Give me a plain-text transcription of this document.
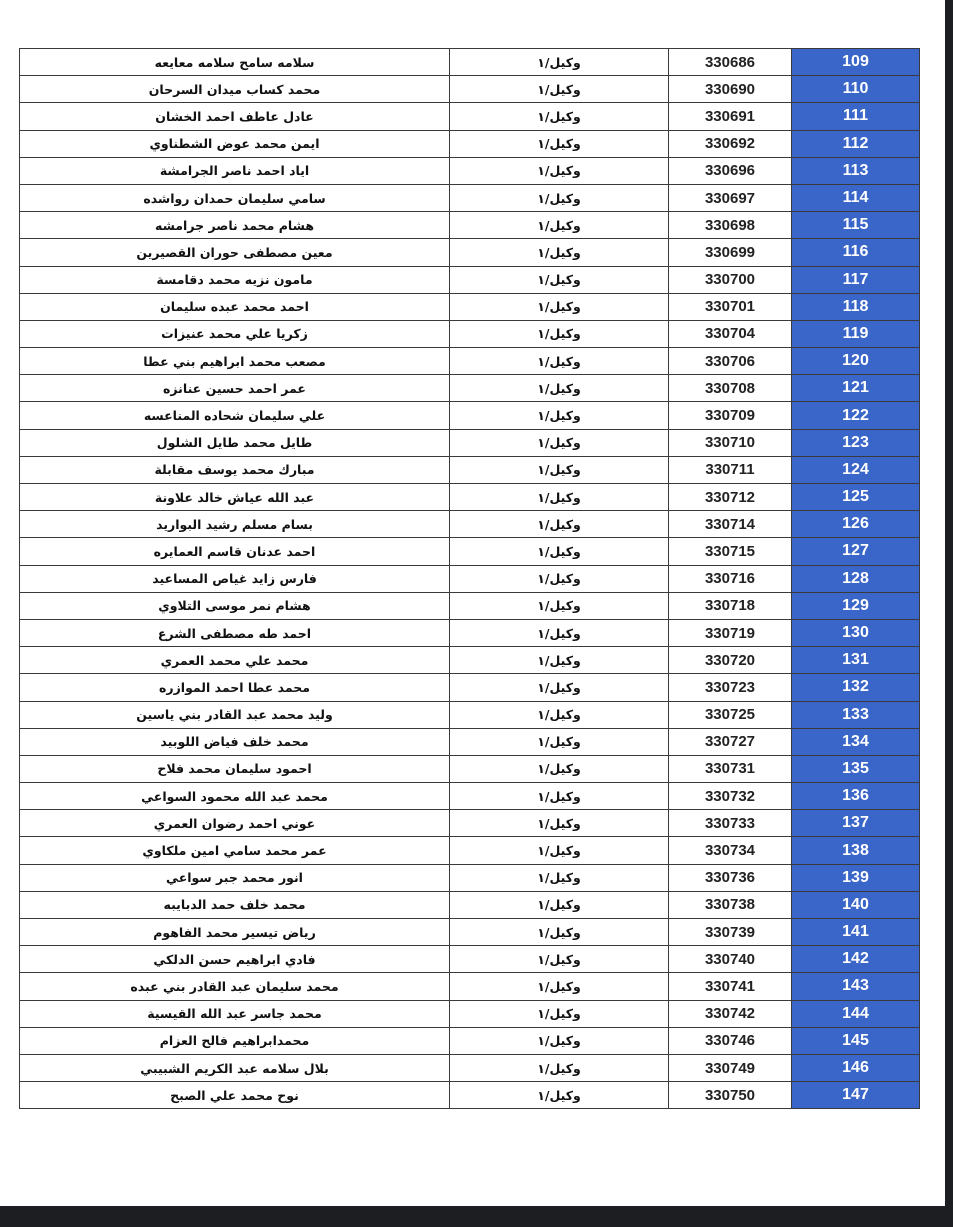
سلامه سامح سلامه معايعه	وكيل/١	330686	109
محمد كساب ميدان السرحان	وكيل/١	330690	110
عادل عاطف احمد الخشان	وكيل/١	330691	111
ايمن محمد عوض الشطناوي	وكيل/١	330692	112
اياد احمد ناصر الجرامشة	وكيل/١	330696	113
سامي سليمان حمدان رواشده	وكيل/١	330697	114
هشام محمد ناصر جرامشه	وكيل/١	330698	115
معين مصطفى حوران القصيرين	وكيل/١	330699	116
مامون نزيه محمد دقامسة	وكيل/١	330700	117
احمد محمد عبده سليمان	وكيل/١	330701	118
زكريا علي محمد عنيزات	وكيل/١	330704	119
مصعب محمد ابراهيم بني عطا	وكيل/١	330706	120
عمر احمد حسين عنانزه	وكيل/١	330708	121
علي سليمان شحاده المناعسه	وكيل/١	330709	122
طايل محمد طايل الشلول	وكيل/١	330710	123
مبارك محمد يوسف مقابلة	وكيل/١	330711	124
عبد الله عياش خالد علاونة	وكيل/١	330712	125
بسام مسلم رشيد البواريد	وكيل/١	330714	126
احمد عدنان قاسم العمايره	وكيل/١	330715	127
فارس زايد غياص المساعيد	وكيل/١	330716	128
هشام نمر موسى التلاوي	وكيل/١	330718	129
احمد طه مصطفى الشرع	وكيل/١	330719	130
محمد علي محمد العمري	وكيل/١	330720	131
محمد عطا احمد الموازره	وكيل/١	330723	132
وليد محمد عبد القادر بني ياسين	وكيل/١	330725	133
محمد خلف فياض اللوبيد	وكيل/١	330727	134
احمود سليمان محمد فلاح	وكيل/١	330731	135
محمد عبد الله محمود السواعي	وكيل/١	330732	136
عوني احمد رضوان العمري	وكيل/١	330733	137
عمر محمد سامي امين ملكاوي	وكيل/١	330734	138
انور محمد جبر سواعي	وكيل/١	330736	139
محمد خلف حمد الدبايبه	وكيل/١	330738	140
رياض تيسير محمد الفاهوم	وكيل/١	330739	141
فادي ابراهيم حسن الدلكي	وكيل/١	330740	142
محمد سليمان عبد القادر بني عبده	وكيل/١	330741	143
محمد جاسر عبد الله القيسية	وكيل/١	330742	144
محمدابراهيم فالح العزام	وكيل/١	330746	145
بلال سلامه عبد الكريم الشبيبي	وكيل/١	330749	146
نوح محمد علي الصبح	وكيل/١	330750	147
